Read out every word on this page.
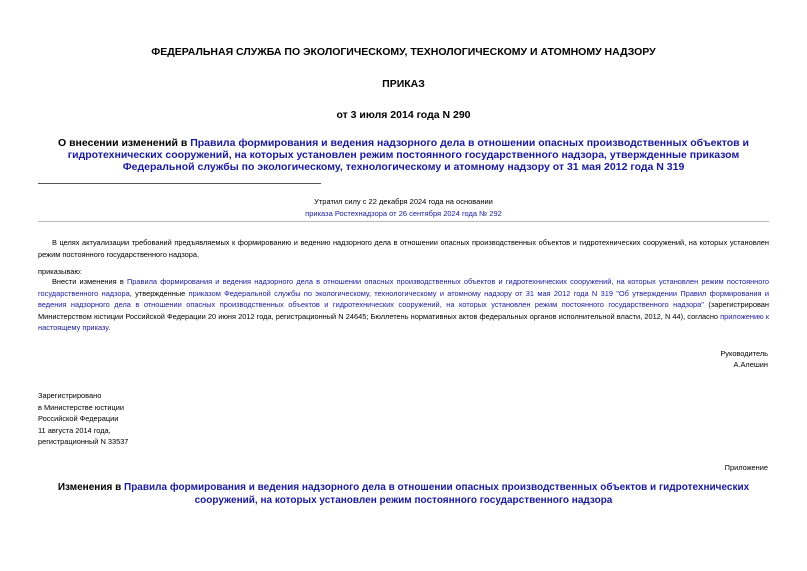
ФЕДЕРАЛЬНАЯ СЛУЖБА ПО ЭКОЛОГИЧЕСКОМУ, ТЕХНОЛОГИЧЕСКОМУ И АТОМНОМУ НАДЗОРУ
ПРИКАЗ
от 3 июля 2014 года N 290
О внесении изменений в Правила формирования и ведения надзорного дела в отношении опасных производственных объектов и гидротехнических сооружений, на которых установлен режим постоянного государственного надзора, утвержденные приказом Федеральной службы по экологическому, технологическому и атомному надзору от 31 мая 2012 года N 319
Утратил силу с 22 декабря 2024 года на основании
приказа Ростехнадзора от 26 сентября 2024 года № 292
В целях актуализации требований предъявляемых к формированию и ведению надзорного дела в отношении опасных производственных объектов и гидротехнических сооружений, на которых установлен режим постоянного государственного надзора,
приказываю:
Внести изменения в Правила формирования и ведения надзорного дела в отношении опасных производственных объектов и гидротехнических сооружений, на которых установлен режим постоянного государственного надзора, утвержденные приказом Федеральной службы по экологическому, технологическому и атомному надзору от 31 мая 2012 года N 319 "Об утверждении Правил формирования и ведения надзорного дела в отношении опасных производственных объектов и гидротехнических сооружений, на которых установлен режим постоянного государственного надзора" (зарегистрирован Министерством юстиции Российской Федерации 20 июня 2012 года, регистрационный N 24645; Бюллетень нормативных актов федеральных органов исполнительной власти, 2012, N 44), согласно приложению к настоящему приказу.
Руководитель
А.Алешин
Зарегистрировано
в Министерстве юстиции
Российской Федерации
11 августа 2014 года,
регистрационный N 33537
Приложение
Изменения в Правила формирования и ведения надзорного дела в отношении опасных производственных объектов и гидротехнических сооружений, на которых установлен режим постоянного государственного надзора
